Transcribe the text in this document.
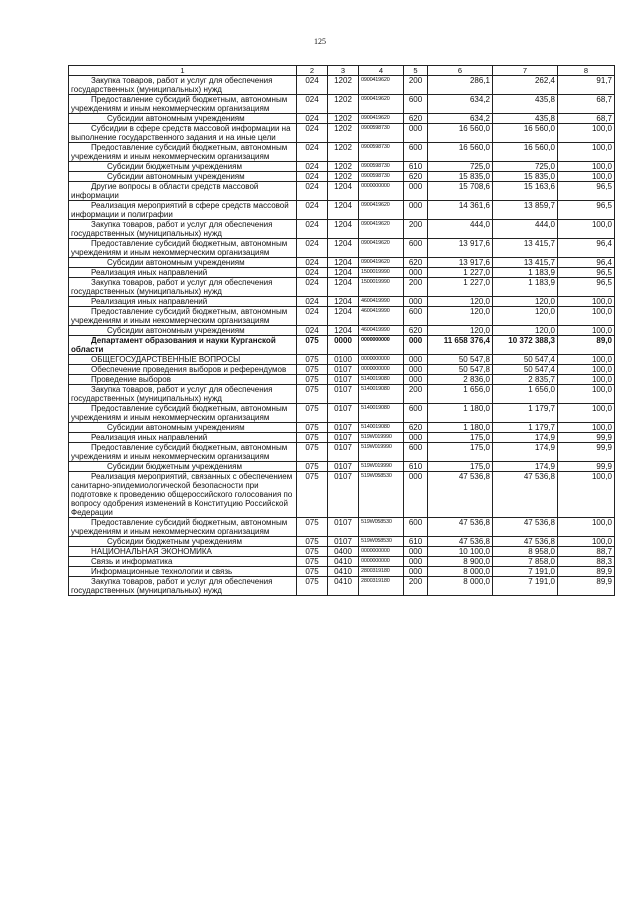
125
1	2	3	4	5	6	7	8
Закупка товаров, работ и услуг для обеспечения государственных (муниципальных) нужд	024	1202	0900419620	200	286,1	262,4	91,7
Предоставление субсидий бюджетным, автономным учреждениям и иным некоммерческим организациям	024	1202	0900419620	600	634,2	435,8	68,7
Субсидии автономным учреждениям	024	1202	0900419620	620	634,2	435,8	68,7
Субсидии в сфере средств массовой информации на выполнение государственного задания и на иные цели	024	1202	0900598730	000	16 560,0	16 560,0	100,0
Предоставление субсидий бюджетным, автономным учреждениям и иным некоммерческим организациям	024	1202	0900598730	600	16 560,0	16 560,0	100,0
Субсидии бюджетным учреждениям	024	1202	0900598730	610	725,0	725,0	100,0
Субсидии автономным учреждениям	024	1202	0900598730	620	15 835,0	15 835,0	100,0
Другие вопросы в области средств массовой информации	024	1204	0000000000	000	15 708,6	15 163,6	96,5
Реализация мероприятий в сфере средств массовой информации и полиграфии	024	1204	0900419620	000	14 361,6	13 859,7	96,5
Закупка товаров, работ и услуг для обеспечения государственных (муниципальных) нужд	024	1204	0900419620	200	444,0	444,0	100,0
Предоставление субсидий бюджетным, автономным учреждениям и иным некоммерческим организациям	024	1204	0900419620	600	13 917,6	13 415,7	96,4
Субсидии автономным учреждениям	024	1204	0900419620	620	13 917,6	13 415,7	96,4
Реализация иных направлений	024	1204	1500019990	000	1 227,0	1 183,9	96,5
Закупка товаров, работ и услуг для обеспечения государственных (муниципальных) нужд	024	1204	1500019990	200	1 227,0	1 183,9	96,5
Реализация иных направлений	024	1204	4600419990	000	120,0	120,0	100,0
Предоставление субсидий бюджетным, автономным учреждениям и иным некоммерческим организациям	024	1204	4600419990	600	120,0	120,0	100,0
Субсидии автономным учреждениям	024	1204	4600419990	620	120,0	120,0	100,0
Департамент образования и науки Курганской области	075	0000	0000000000	000	11 658 376,4	10 372 388,3	89,0
ОБЩЕГОСУДАРСТВЕННЫЕ ВОПРОСЫ	075	0100	0000000000	000	50 547,8	50 547,4	100,0
Обеспечение проведения выборов и референдумов	075	0107	0000000000	000	50 547,8	50 547,4	100,0
Проведение выборов	075	0107	5140019080	000	2 836,0	2 835,7	100,0
Закупка товаров, работ и услуг для обеспечения государственных (муниципальных) нужд	075	0107	5140019080	200	1 656,0	1 656,0	100,0
Предоставление субсидий бюджетным, автономным учреждениям и иным некоммерческим организациям	075	0107	5140019080	600	1 180,0	1 179,7	100,0
Субсидии автономным учреждениям	075	0107	5140019080	620	1 180,0	1 179,7	100,0
Реализация иных направлений	075	0107	519W019990	000	175,0	174,9	99,9
Предоставление субсидий бюджетным, автономным учреждениям и иным некоммерческим организациям	075	0107	519W019990	600	175,0	174,9	99,9
Субсидии бюджетным учреждениям	075	0107	519W019990	610	175,0	174,9	99,9
Реализация мероприятий, связанных с обеспечением санитарно-эпидемиологической безопасности при подготовке к проведению общероссийского голосования по вопросу одобрения изменений в Конституцию Российской Федерации	075	0107	519W058530	000	47 536,8	47 536,8	100,0
Предоставление субсидий бюджетным, автономным учреждениям и иным некоммерческим организациям	075	0107	519W058530	600	47 536,8	47 536,8	100,0
Субсидии бюджетным учреждениям	075	0107	519W058530	610	47 536,8	47 536,8	100,0
НАЦИОНАЛЬНАЯ ЭКОНОМИКА	075	0400	0000000000	000	10 100,0	8 958,0	88,7
Связь и информатика	075	0410	0000000000	000	8 900,0	7 858,0	88,3
Информационные технологии и связь	075	0410	2800319180	000	8 000,0	7 191,0	89,9
Закупка товаров, работ и услуг для обеспечения государственных (муниципальных) нужд	075	0410	2800319180	200	8 000,0	7 191,0	89,9
